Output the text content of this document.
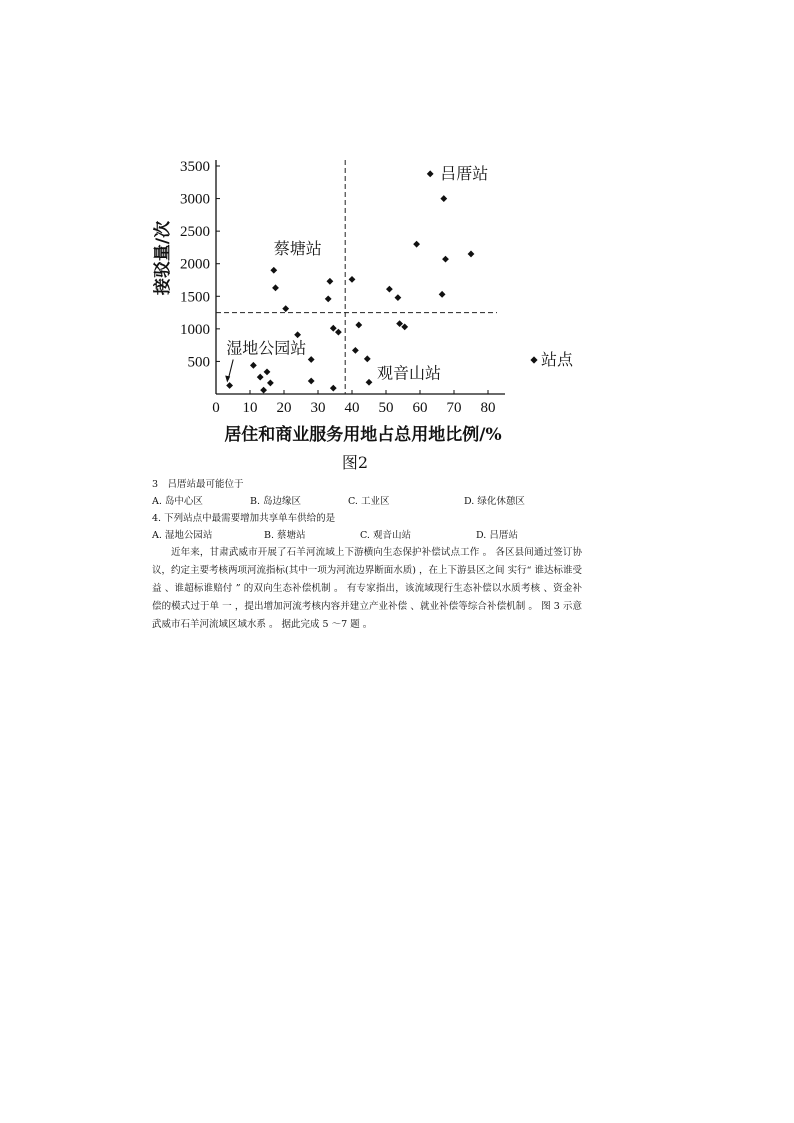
0 10 20 30 40 50 60 70 80
500
1000
1500
2000
2500
3000
3500	吕厝站
蔡塘站
湿地公园站
观音山站
站点
居住和商业服务用地占总用地比例/%
接驳量/次
图2
3　吕厝站最可能位于
A. 岛中心区	B. 岛边缘区	C. 工业区	D. 绿化休憩区
4. 下列站点中最需要增加共享单车供给的是
A. 湿地公园站	B. 蔡塘站	C. 观音山站	D. 吕厝站

近年来，甘肃武威市开展了石羊河流域上下游横向生态保护补偿试点工作 。 各区县间通过签订协议，约定主要考核两项河流指标(其中一项为河流边界断面水质) ，在上下游县区之间 实行“ 谁达标谁受益 、谁超标谁赔付 ” 的双向生态补偿机制 。 有专家指出，该流域现行生态补偿以水质考核 、资金补偿的模式过于单 一 ，提出增加河流考核内容并建立产业补偿 、就业补偿等综合补偿机制 。 图 3 示意武威市石羊河流域区域水系 。 据此完成 5 ～7 题 。
